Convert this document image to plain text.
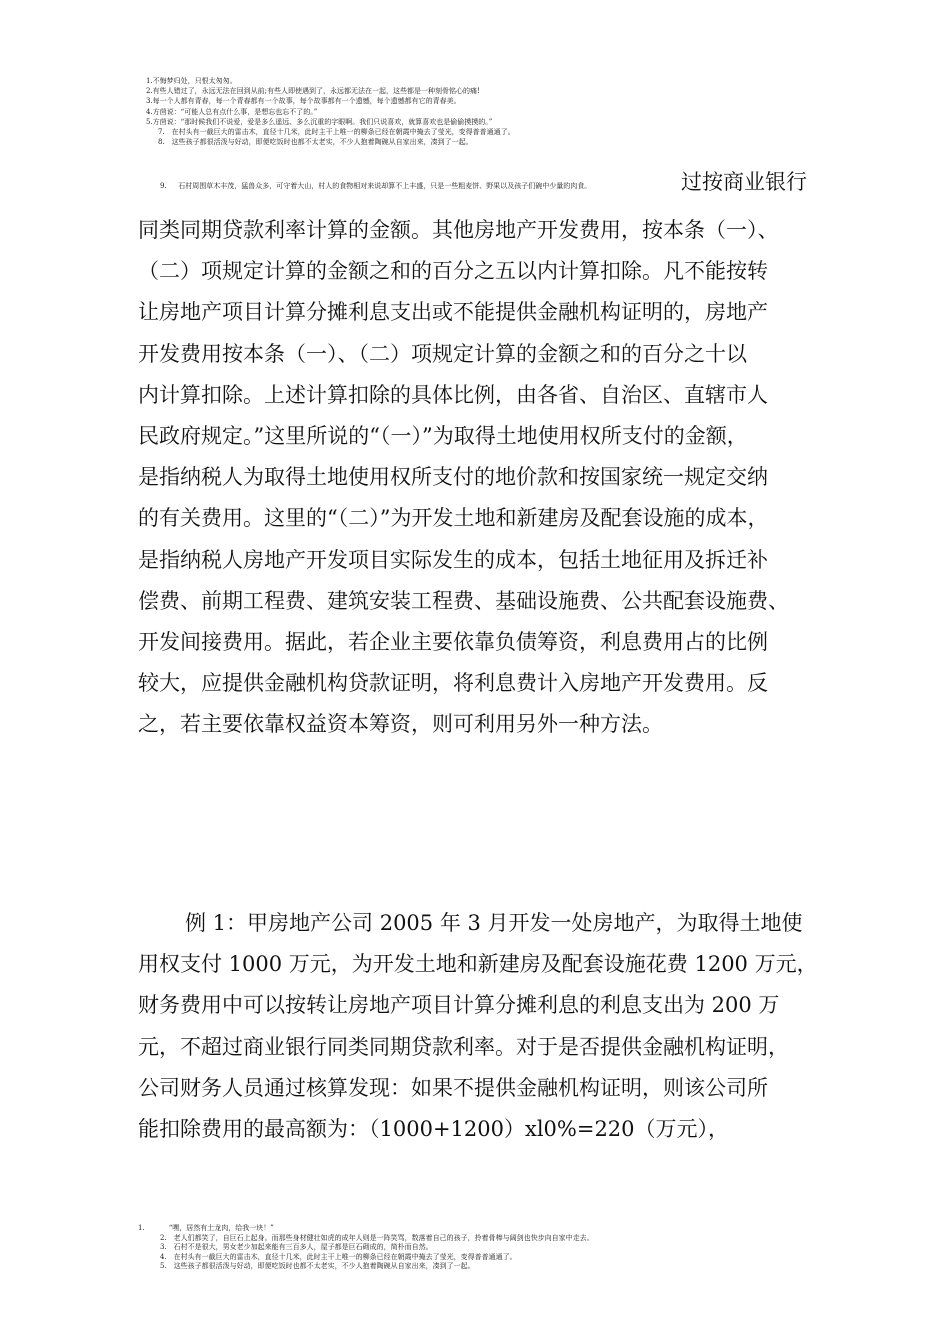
1.不悔梦归处，只恨太匆匆。
2.有些人错过了，永远无法在回到从前;有些人即使遇到了，永远都无法在一起，这些都是一种刻骨铭心的痛!
3.每一个人都有青春，每一个青春都有一个故事，每个故事都有一个遗憾，每个遗憾都有它的青春美。
4.方茴说：“可能人总有点什么事，是想忘也忘不了的。”
5.方茴说：“那时候我们不说爱，爱是多么遥远、多么沉重的字眼啊。我们只说喜欢，就算喜欢也是偷偷摸摸的。”
7.　在村头有一截巨大的雷击木，直径十几米，此时主干上唯一的柳条已经在朝霞中掩去了莹光，变得普普通通了。
8.　这些孩子都很活泼与好动，即便吃饭时也都不太老实，不少人抱着陶碗从自家出来，凑到了一起。
9. 石村周围草木丰茂，猛兽众多，可守着大山，村人的食物相对来说却算不上丰盛，只是一些粗麦饼、野果以及孩子们碗中少量的肉食。	过按商业银行
同类同期贷款利率计算的金额。其他房地产开发费用，按本条（一）、
（二）项规定计算的金额之和的百分之五以内计算扣除。凡不能按转
让房地产项目计算分摊利息支出或不能提供金融机构证明的，房地产
开发费用按本条（一）、（二）项规定计算的金额之和的百分之十以
内计算扣除。上述计算扣除的具体比例，由各省、自治区、直辖市人
民政府规定。”这里所说的“（一）”为取得土地使用权所支付的金额，
是指纳税人为取得土地使用权所支付的地价款和按国家统一规定交纳
的有关费用。这里的“（二）”为开发土地和新建房及配套设施的成本，
是指纳税人房地产开发项目实际发生的成本，包括土地征用及拆迁补
偿费、前期工程费、建筑安装工程费、基础设施费、公共配套设施费、
开发间接费用。据此，若企业主要依靠负债筹资，利息费用占的比例
较大，应提供金融机构贷款证明，将利息费计入房地产开发费用。反
之，若主要依靠权益资本筹资，则可利用另外一种方法。
例 1：甲房地产公司 2005 年 3 月开发一处房地产，为取得土地使
用权支付 1000 万元，为开发土地和新建房及配套设施花费 1200 万元，
财务费用中可以按转让房地产项目计算分摊利息的利息支出为 200 万
元，不超过商业银行同类同期贷款利率。对于是否提供金融机构证明，
公司财务人员通过核算发现：如果不提供金融机构证明，则该公司所
能扣除费用的最高额为：（1000+1200）xl0%=220（万元），
1.	“嘿，居然有土龙肉，给我一块！”
2.　老人们都笑了，自巨石上起身。而那些身材健壮如虎的成年人则是一阵笑骂，数落着自己的孩子，拎着骨棒与阔剑也快步向自家中走去。
3.　石村不是很大，男女老少加起来能有三百多人，屋子都是巨石砌成的，简朴而自然。
4.　在村头有一截巨大的雷击木，直径十几米，此时主干上唯一的柳条已经在朝霞中掩去了莹光，变得普普通通了。
5.　这些孩子都很活泼与好动，即便吃饭时也都不太老实，不少人抱着陶碗从自家出来，凑到了一起。
